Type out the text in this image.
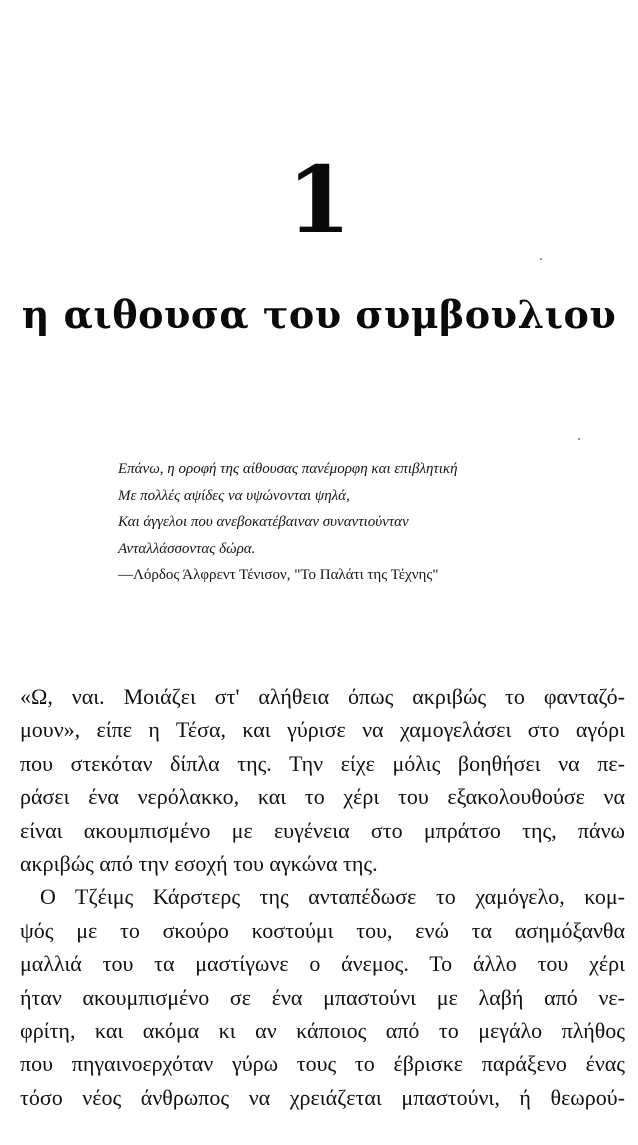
1
η αιθουσα του συμβουλιου
Επάνω, η οροφή της αίθουσας πανέμορφη και επιβλητική
Με πολλές αψίδες να υψώνονται ψηλά,
Και άγγελοι που ανεβοκατέβαιναν συναντιούνταν
Ανταλλάσσοντας δώρα.
—Λόρδος Άλφρεντ Τένισον, "Το Παλάτι της Τέχνης"
«Ω, ναι. Μοιάζει στ' αλήθεια όπως ακριβώς το φανταζό-
μουν», είπε η Τέσα, και γύρισε να χαμογελάσει στο αγόρι
που στεκόταν δίπλα της. Την είχε μόλις βοηθήσει να πε-
ράσει ένα νερόλακκο, και το χέρι του εξακολουθούσε να
είναι ακουμπισμένο με ευγένεια στο μπράτσο της, πάνω
ακριβώς από την εσοχή του αγκώνα της.
Ο Τζέιμς Κάρστερς της ανταπέδωσε το χαμόγελο, κομ-
ψός με το σκούρο κοστούμι του, ενώ τα ασημόξανθα
μαλλιά του τα μαστίγωνε ο άνεμος. Το άλλο του χέρι
ήταν ακουμπισμένο σε ένα μπαστούνι με λαβή από νε-
φρίτη, και ακόμα κι αν κάποιος από το μεγάλο πλήθος
που πηγαινοερχόταν γύρω τους το έβρισκε παράξενο ένας
τόσο νέος άνθρωπος να χρειάζεται μπαστούνι, ή θεωρού-
